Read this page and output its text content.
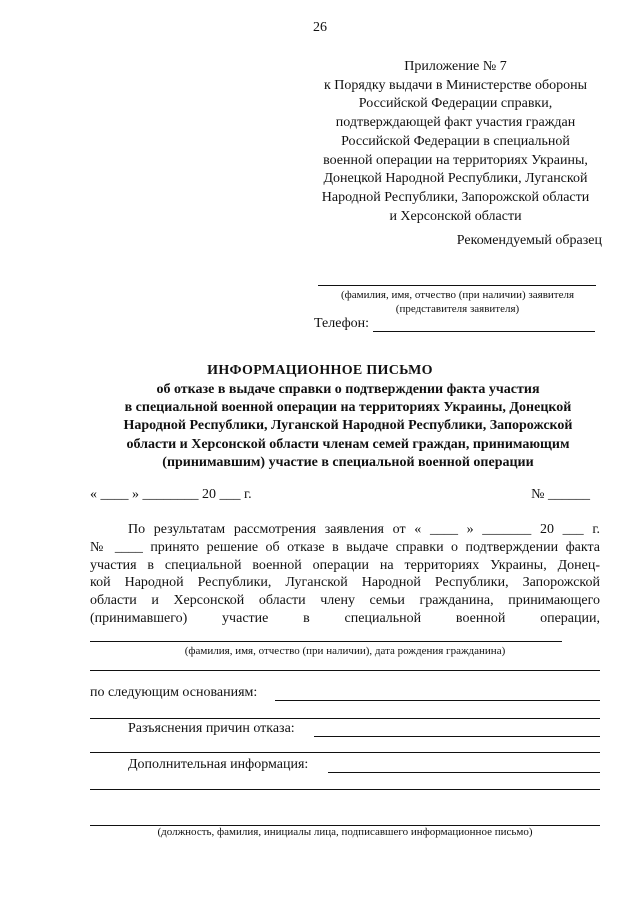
26
Приложение № 7
к Порядку выдачи в Министерстве обороны
Российской Федерации справки,
подтверждающей факт участия граждан
Российской Федерации в специальной
военной операции на территориях Украины,
Донецкой Народной Республики, Луганской
Народной Республики, Запорожской области
и Херсонской области
Рекомендуемый образец
(фамилия, имя, отчество (при наличии) заявителя
(представителя заявителя)
Телефон:
ИНФОРМАЦИОННОЕ ПИСЬМО
об отказе в выдаче справки о подтверждении факта участия
в специальной военной операции на территориях Украины, Донецкой
Народной Республики, Луганской Народной Республики, Запорожской
области и Херсонской области членам семей граждан, принимающим
(принимавшим) участие в специальной военной операции
« ____ » ________ 20 ___ г.	№ ______
По результатам рассмотрения заявления от « ____ » _______ 20 ___ г.
№ ____ принято решение об отказе в выдаче справки о подтверждении факта
участия в специальной военной операции на территориях Украины, Донец-
кой Народной Республики, Луганской Народной Республики, Запорожской
области и Херсонской области члену семьи гражданина, принимающего
(принимавшего) участие в специальной военной операции,
(фамилия, имя, отчество (при наличии), дата рождения гражданина)
по следующим основаниям:
Разъяснения причин отказа:
Дополнительная информация:
(должность, фамилия, инициалы лица, подписавшего информационное письмо)
